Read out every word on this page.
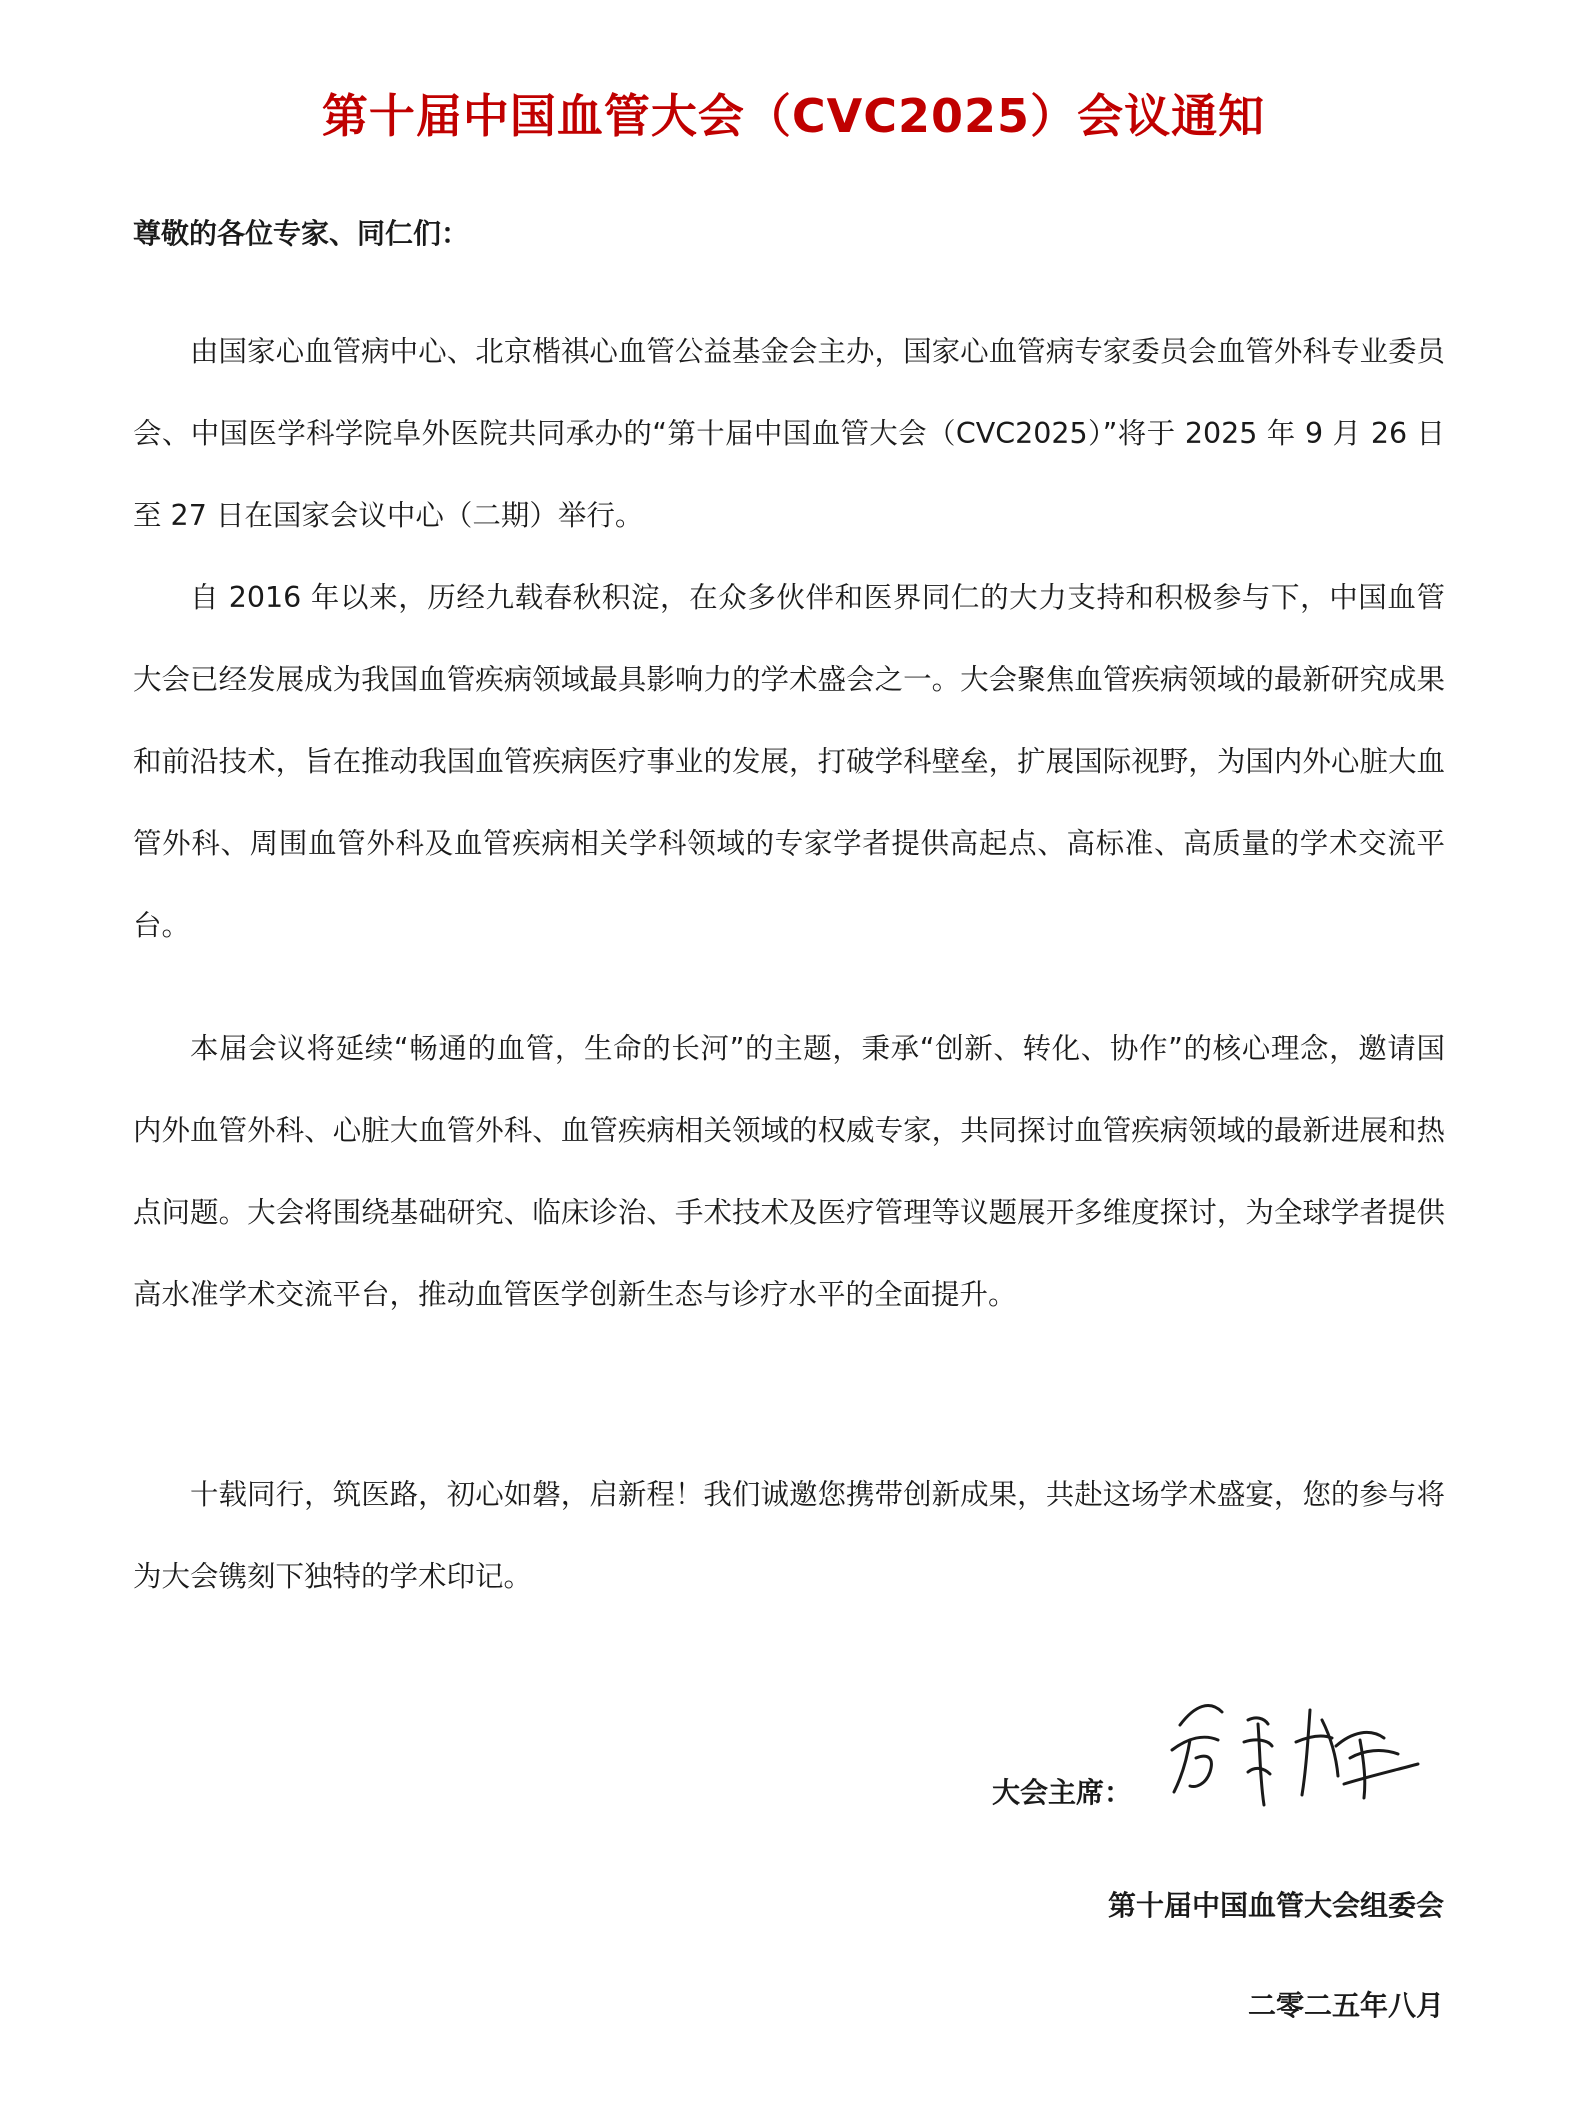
第十届中国血管大会（CVC2025）会议通知

尊敬的各位专家、同仁们：

由国家心血管病中心、北京楷祺心血管公益基金会主办，国家心血管病专家委员会血管外科专业委员会、中国医学科学院阜外医院共同承办的“第十届中国血管大会（CVC2025）”将于 2025 年 9 月 26 日至 27 日在国家会议中心（二期）举行。

自 2016 年以来，历经九载春秋积淀，在众多伙伴和医界同仁的大力支持和积极参与下，中国血管大会已经发展成为我国血管疾病领域最具影响力的学术盛会之一。大会聚焦血管疾病领域的最新研究成果和前沿技术，旨在推动我国血管疾病医疗事业的发展，打破学科壁垒，扩展国际视野，为国内外心脏大血管外科、周围血管外科及血管疾病相关学科领域的专家学者提供高起点、高标准、高质量的学术交流平台。

本届会议将延续“畅通的血管，生命的长河”的主题，秉承“创新、转化、协作”的核心理念，邀请国内外血管外科、心脏大血管外科、血管疾病相关领域的权威专家，共同探讨血管疾病领域的最新进展和热点问题。大会将围绕基础研究、临床诊治、手术技术及医疗管理等议题展开多维度探讨，为全球学者提供高水准学术交流平台，推动血管医学创新生态与诊疗水平的全面提升。

十载同行，筑医路，初心如磐，启新程！我们诚邀您携带创新成果，共赴这场学术盛宴，您的参与将为大会镌刻下独特的学术印记。

大会主席：

第十届中国血管大会组委会

二零二五年八月
